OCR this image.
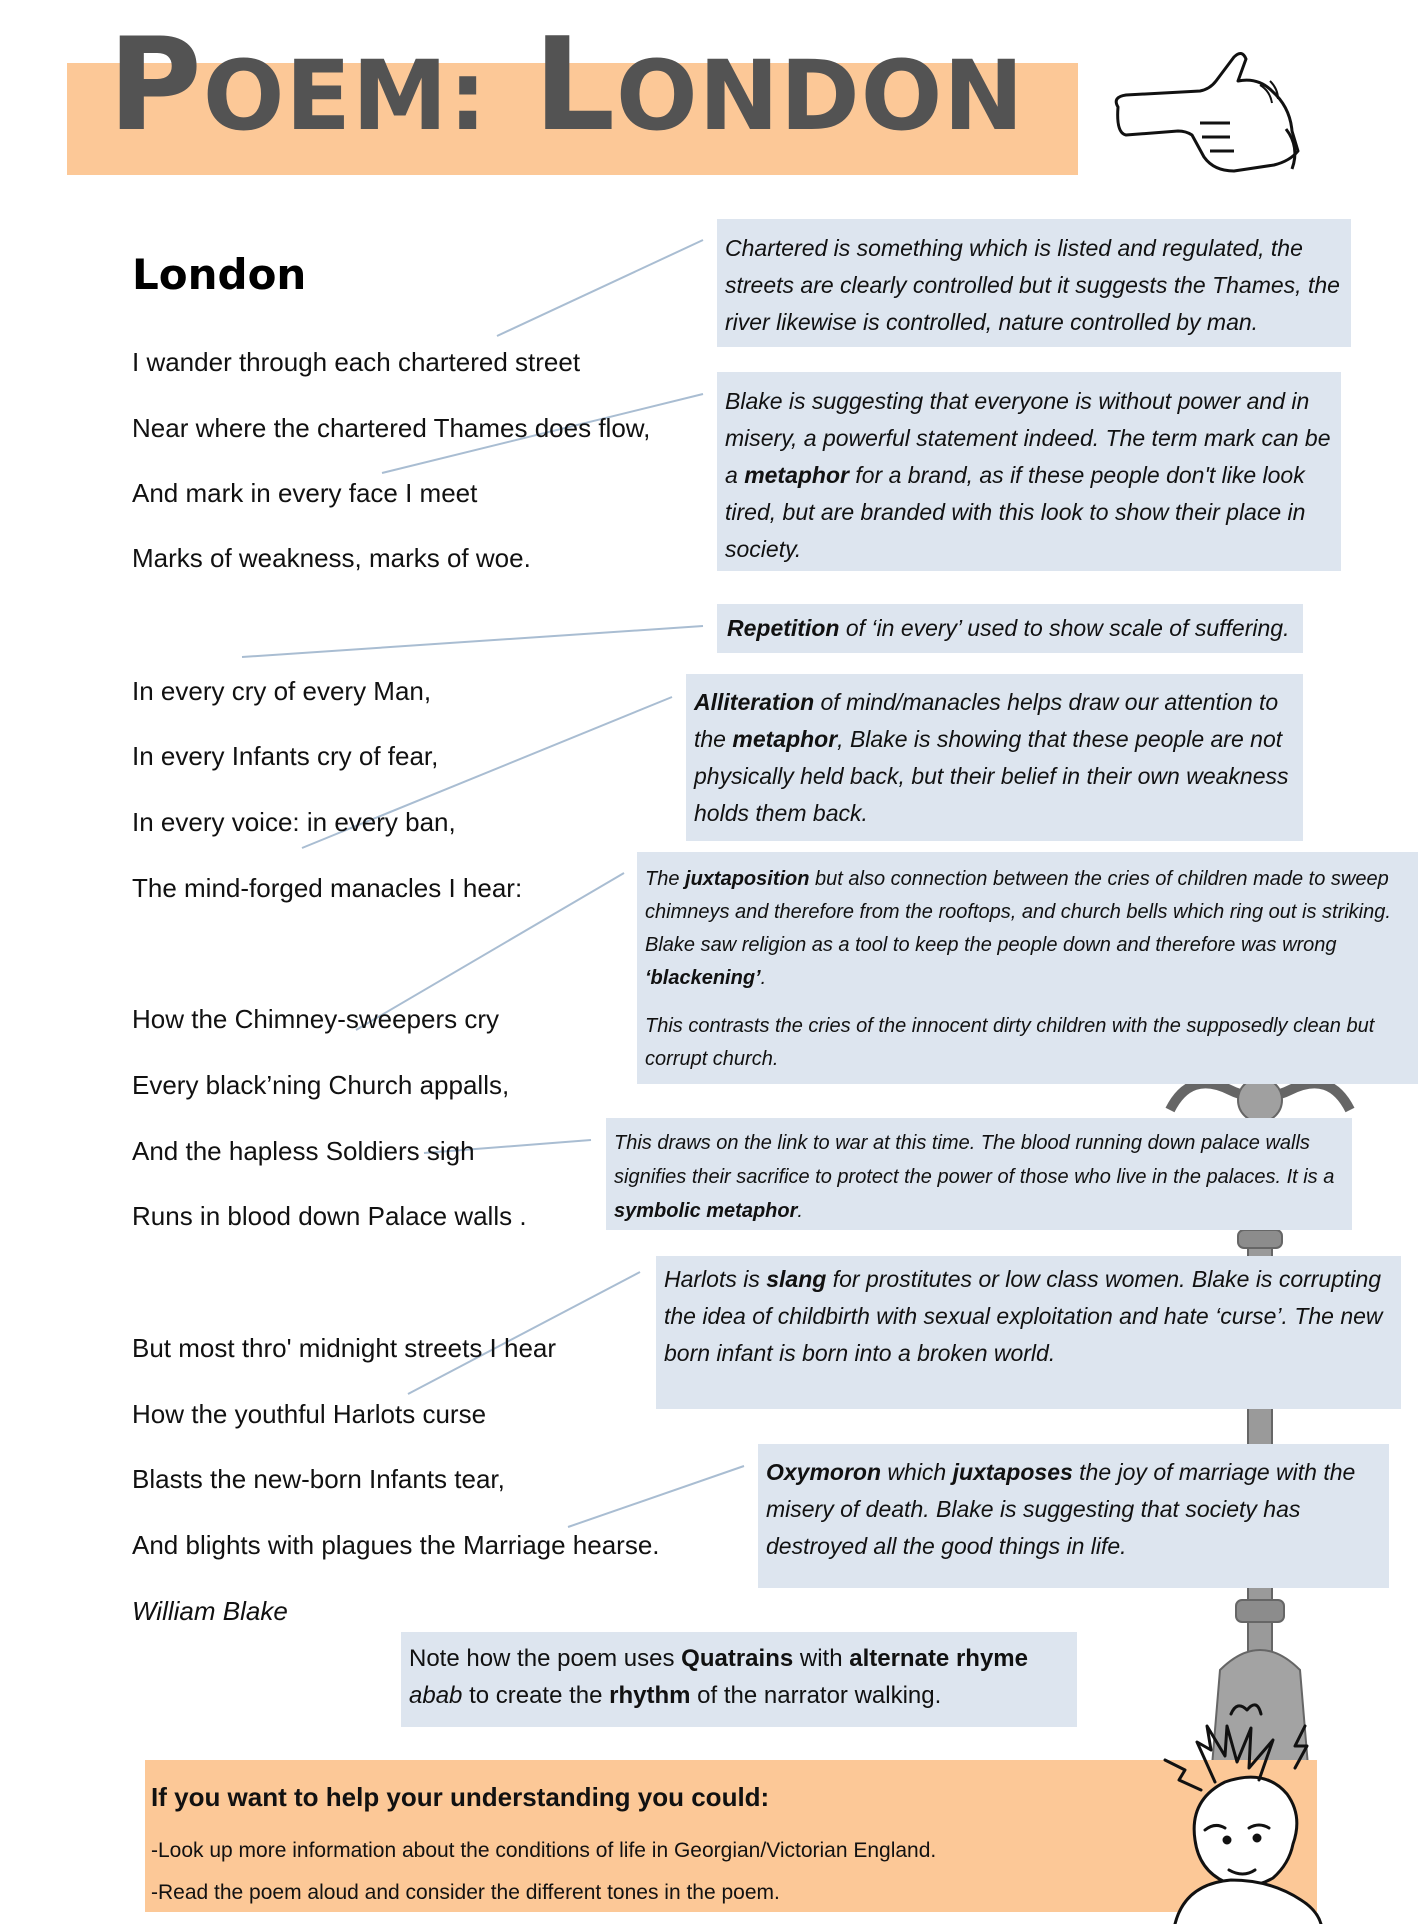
POEM: LONDON
London
I wander through each chartered street
Near where the chartered Thames does flow,
And mark in every face I meet
Marks of weakness, marks of woe.
In every cry of every Man,
In every Infants cry of fear,
In every voice: in every ban,
The mind-forged manacles I hear:
How the Chimney-sweepers cry
Every black’ning Church appalls,
And the hapless Soldiers sigh
Runs in blood down Palace walls .
But most thro' midnight streets I hear
How the youthful Harlots curse
Blasts the new-born Infants tear,
And blights with plagues the Marriage hearse.
William Blake
Chartered is something which is listed and regulated, the streets are clearly controlled but it suggests the Thames, the river likewise is controlled, nature controlled by man.
Blake is suggesting that everyone is without power and in misery, a powerful statement indeed. The term mark can be a metaphor for a brand, as if these people don't like look tired, but are branded with this look to show their place in society.
Repetition of ‘in every’ used to show scale of suffering.
Alliteration of mind/manacles helps draw our attention to the metaphor, Blake is showing that these people are not physically held back, but their belief in their own weakness holds them back.

The juxtaposition but also connection between the cries of children made to sweep chimneys and therefore from the rooftops, and church bells which ring out is striking. Blake saw religion as a tool to keep the people down and therefore was wrong ‘blackening’.

This contrasts the cries of the innocent dirty children with the supposedly clean but corrupt church.

This draws on the link to war at this time. The blood running down palace walls signifies their sacrifice to protect the power of those who live in the palaces. It is a symbolic metaphor.
Harlots is slang for prostitutes or low class women. Blake is corrupting the idea of childbirth with sexual exploitation and hate ‘curse’. The new born infant is born into a broken world.
Oxymoron which juxtaposes the joy of marriage with the misery of death. Blake is suggesting that society has destroyed all the good things in life.
Note how the poem uses Quatrains with alternate rhyme abab to create the rhythm of the narrator walking.

If you want to help your understanding you could:

-Look up more information about the conditions of life in Georgian/Victorian England.

-Read the poem aloud and consider the different tones in the poem.
